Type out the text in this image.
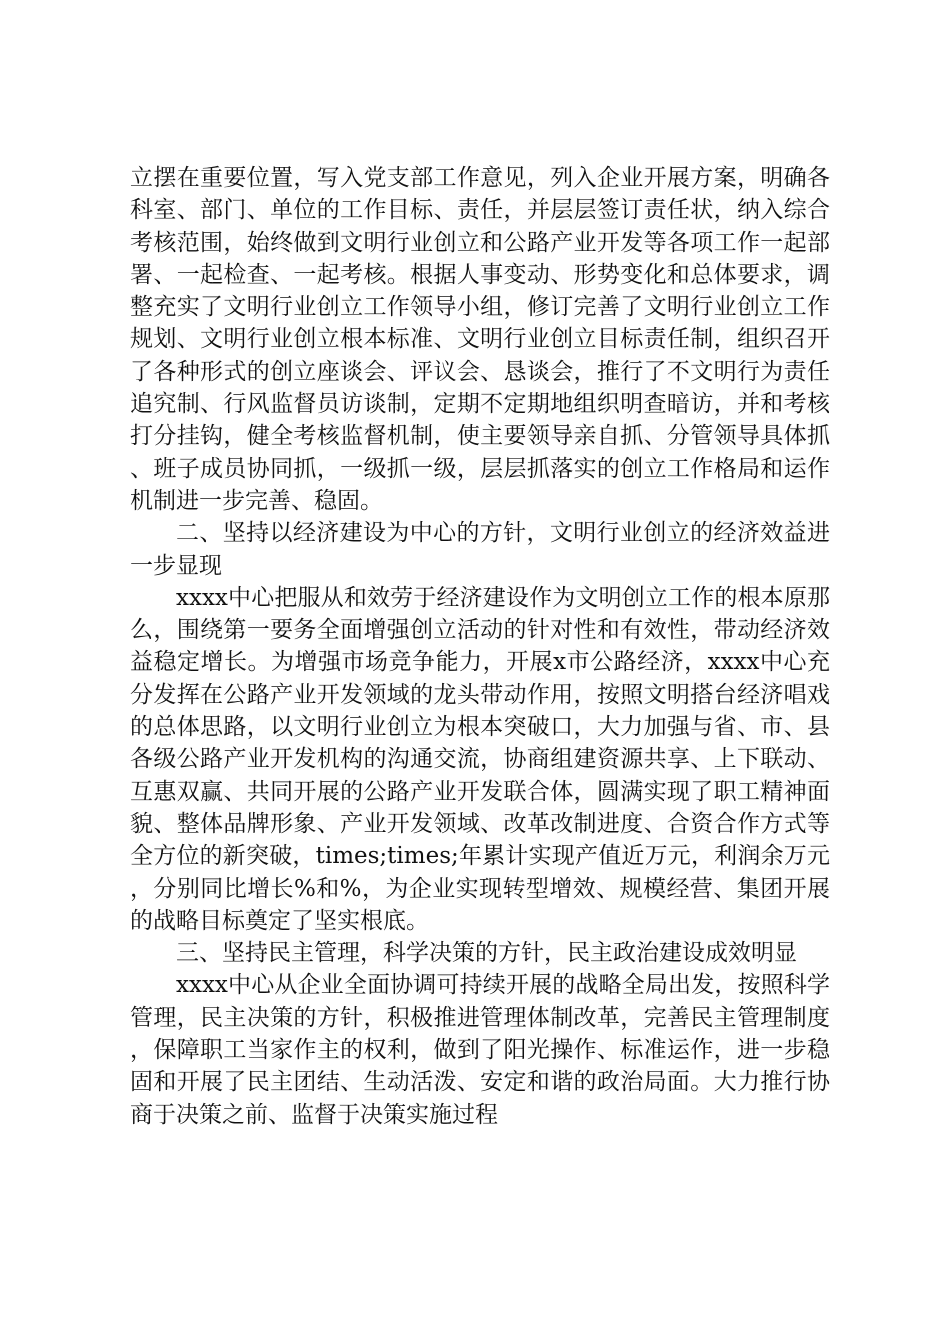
立摆在重要位置，写入党支部工作意见，列入企业开展方案，明确各科室、部门、单位的工作目标、责任，并层层签订责任状，纳入综合考核范围，始终做到文明行业创立和公路产业开发等各项工作一起部署、一起检查、一起考核。根据人事变动、形势变化和总体要求，调整充实了文明行业创立工作领导小组，修订完善了文明行业创立工作规划、文明行业创立根本标准、文明行业创立目标责任制，组织召开了各种形式的创立座谈会、评议会、恳谈会，推行了不文明行为责任追究制、行风监督员访谈制，定期不定期地组织明查暗访，并和考核打分挂钩，健全考核监督机制，使主要领导亲自抓、分管领导具体抓、班子成员协同抓，一级抓一级，层层抓落实的创立工作格局和运作机制进一步完善、稳固。

二、坚持以经济建设为中心的方针，文明行业创立的经济效益进一步显现

xxxx中心把服从和效劳于经济建设作为文明创立工作的根本原那么，围绕第一要务全面增强创立活动的针对性和有效性，带动经济效益稳定增长。为增强市场竞争能力，开展x市公路经济，xxxx中心充分发挥在公路产业开发领域的龙头带动作用，按照文明搭台经济唱戏的总体思路，以文明行业创立为根本突破口，大力加强与省、市、县各级公路产业开发机构的沟通交流，协商组建资源共享、上下联动、互惠双赢、共同开展的公路产业开发联合体，圆满实现了职工精神面貌、整体品牌形象、产业开发领域、改革改制进度、合资合作方式等全方位的新突破，times;times;年累计实现产值近万元，利润余万元，分别同比增长%和%，为企业实现转型增效、规模经营、集团开展的战略目标奠定了坚实根底。

三、坚持民主管理，科学决策的方针，民主政治建设成效明显

xxxx中心从企业全面协调可持续开展的战略全局出发，按照科学管理，民主决策的方针，积极推进管理体制改革，完善民主管理制度，保障职工当家作主的权利，做到了阳光操作、标准运作，进一步稳固和开展了民主团结、生动活泼、安定和谐的政治局面。大力推行协商于决策之前、监督于决策实施过程
